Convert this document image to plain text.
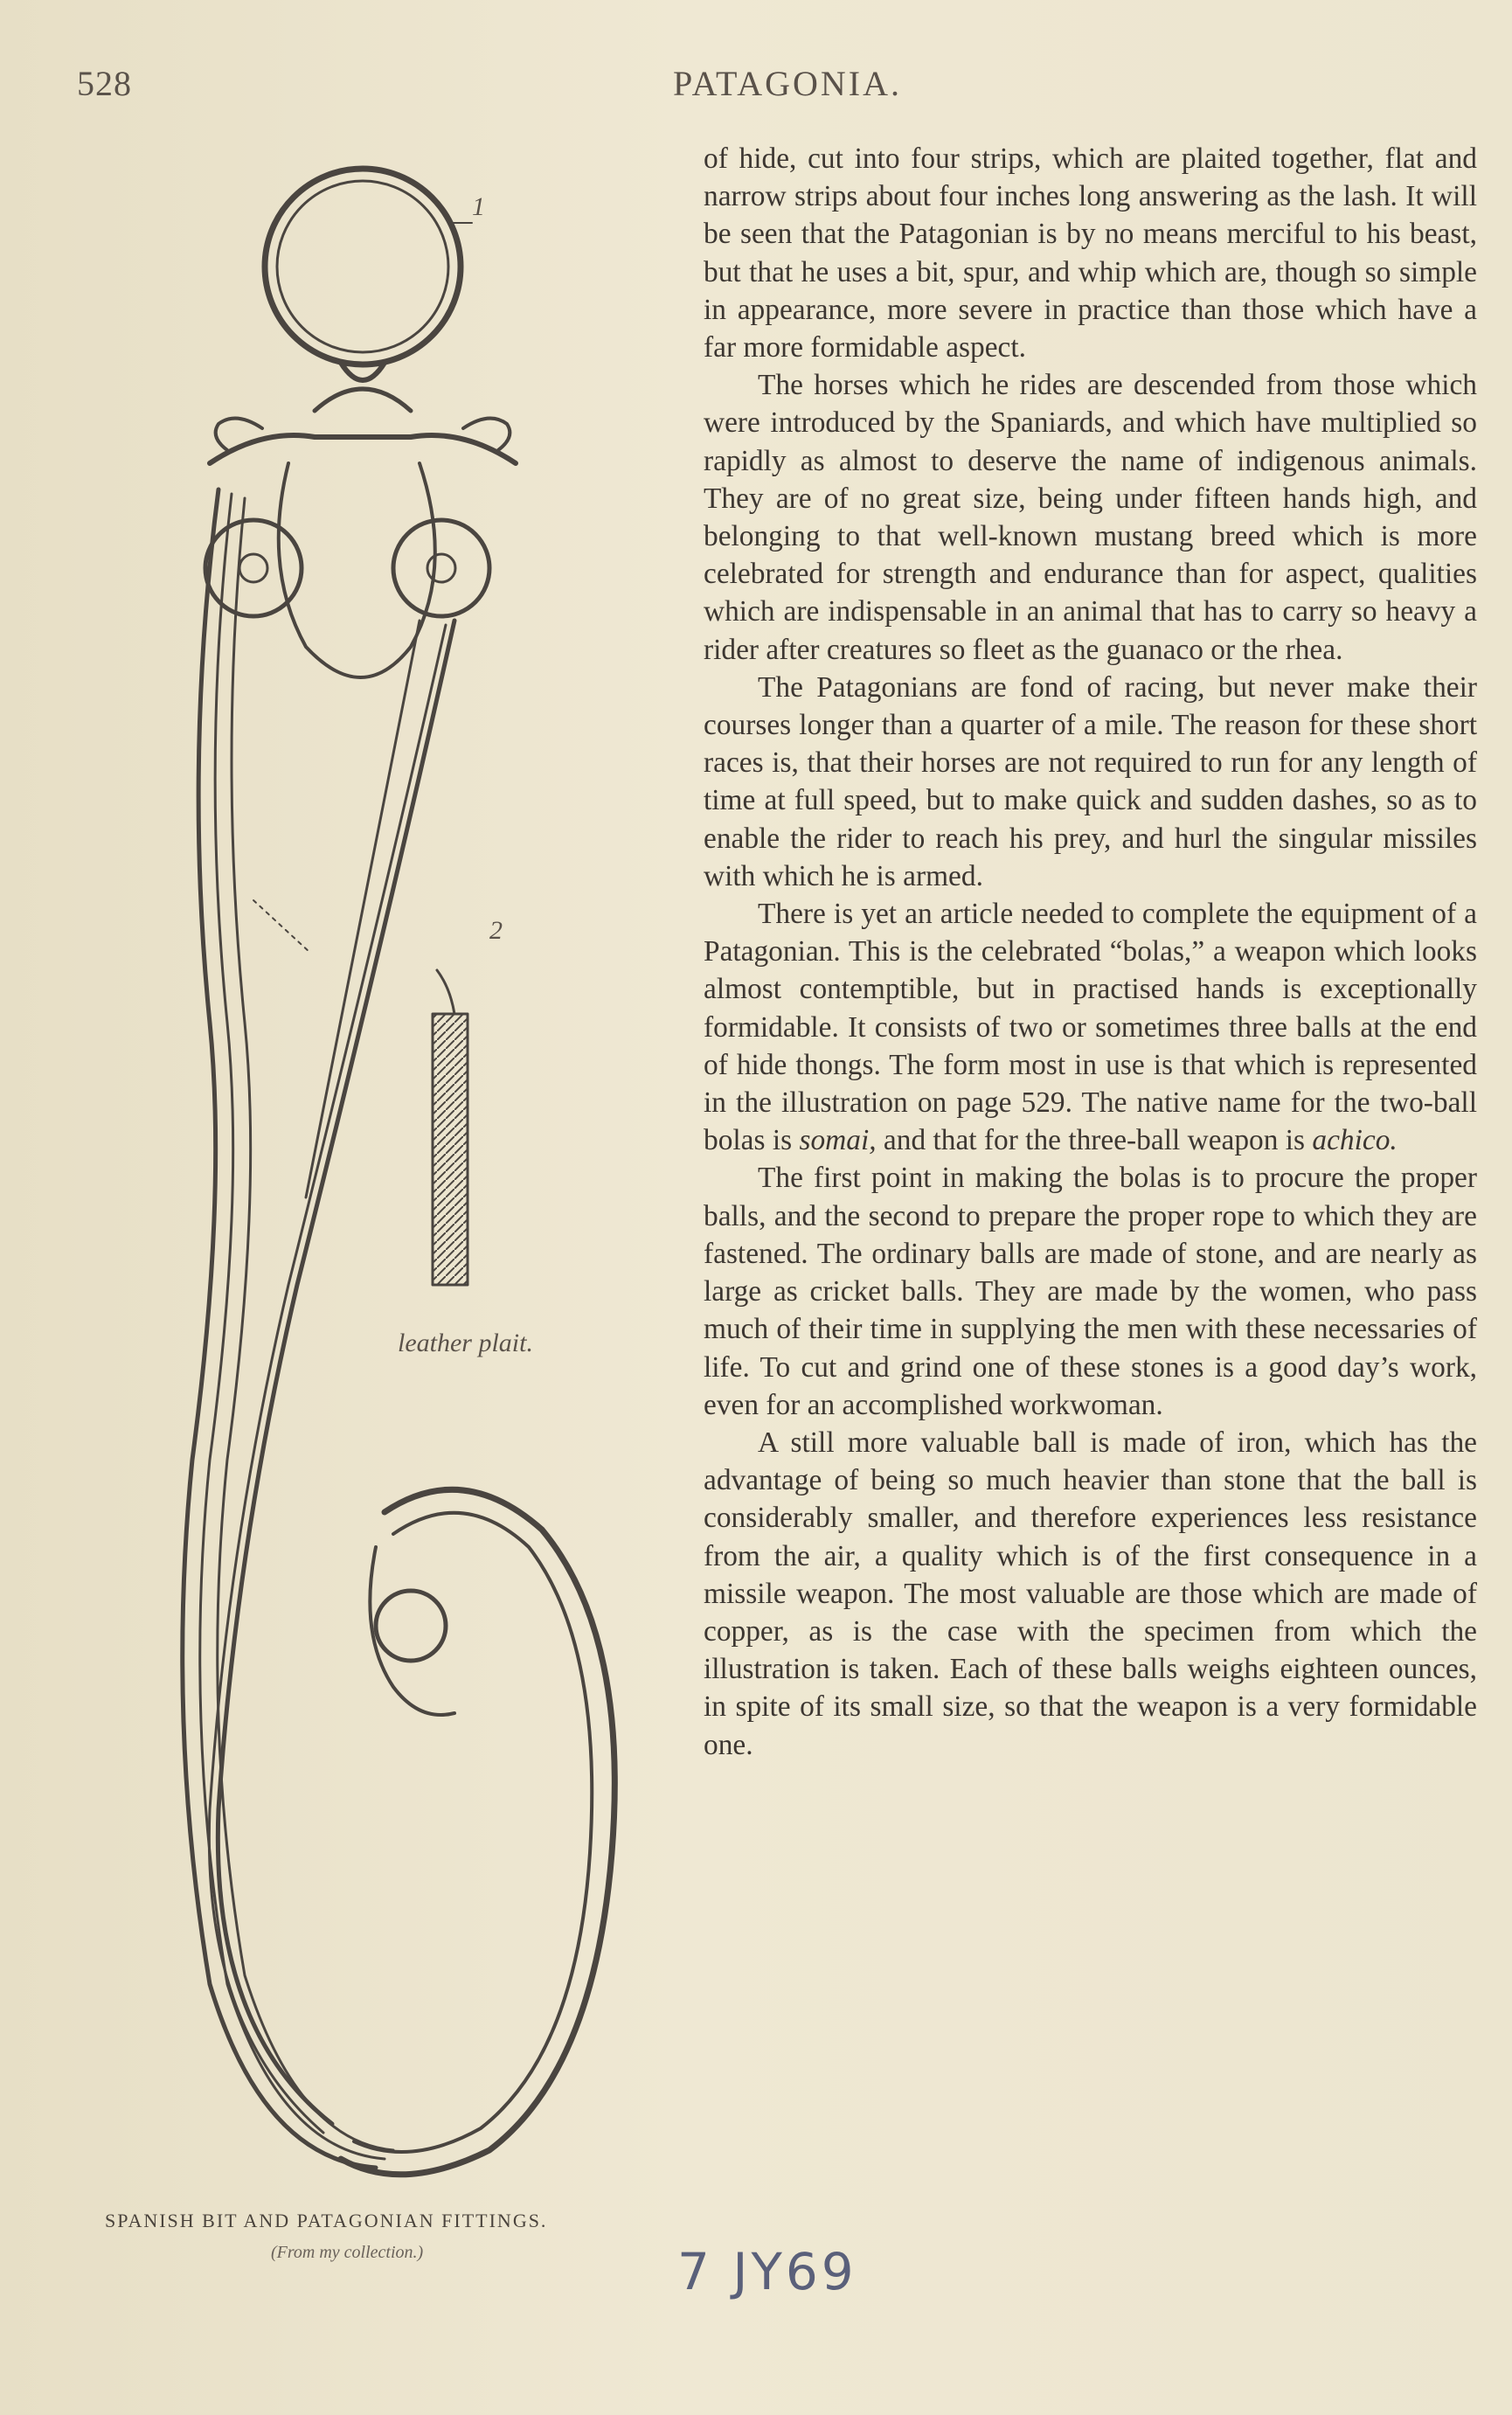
528	PATAGONIA.
1
2
leather plait.
SPANISH BIT AND PATAGONIAN FITTINGS.
(From my collection.)

of hide, cut into four strips, which are plaited together, flat and narrow strips about four inches long answering as the lash. It will be seen that the Patagonian is by no means merciful to his beast, but that he uses a bit, spur, and whip which are, though so simple in appearance, more severe in practice than those which have a far more formidable aspect.

The horses which he rides are descended from those which were introduced by the Spaniards, and which have multiplied so rapidly as almost to deserve the name of indigenous animals. They are of no great size, being under fifteen hands high, and belonging to that well-known mustang breed which is more celebrated for strength and endurance than for aspect, qualities which are indispensable in an animal that has to carry so heavy a rider after creatures so fleet as the guanaco or the rhea.

The Patagonians are fond of racing, but never make their courses longer than a quarter of a mile. The reason for these short races is, that their horses are not required to run for any length of time at full speed, but to make quick and sudden dashes, so as to enable the rider to reach his prey, and hurl the singular missiles with which he is armed.

There is yet an article needed to complete the equipment of a Patagonian. This is the celebrated “bolas,” a weapon which looks almost contemptible, but in practised hands is exceptionally formidable. It consists of two or sometimes three balls at the end of hide thongs. The form most in use is that which is represented in the illustration on page 529. The native name for the two-ball bolas is somai, and that for the three-ball weapon is achico.

The first point in making the bolas is to procure the proper balls, and the second to prepare the proper rope to which they are fastened. The ordinary balls are made of stone, and are nearly as large as cricket balls. They are made by the women, who pass much of their time in supplying the men with these necessaries of life. To cut and grind one of these stones is a good day’s work, even for an accomplished workwoman.

A still more valuable ball is made of iron, which has the advantage of being so much heavier than stone that the ball is considerably smaller, and therefore experiences less resistance from the air, a quality which is of the first consequence in a missile weapon. The most valuable are those which are made of copper, as is the case with the specimen from which the illustration is taken. Each of these balls weighs eighteen ounces, in spite of its small size, so that the weapon is a very formidable one.

7 JY69
